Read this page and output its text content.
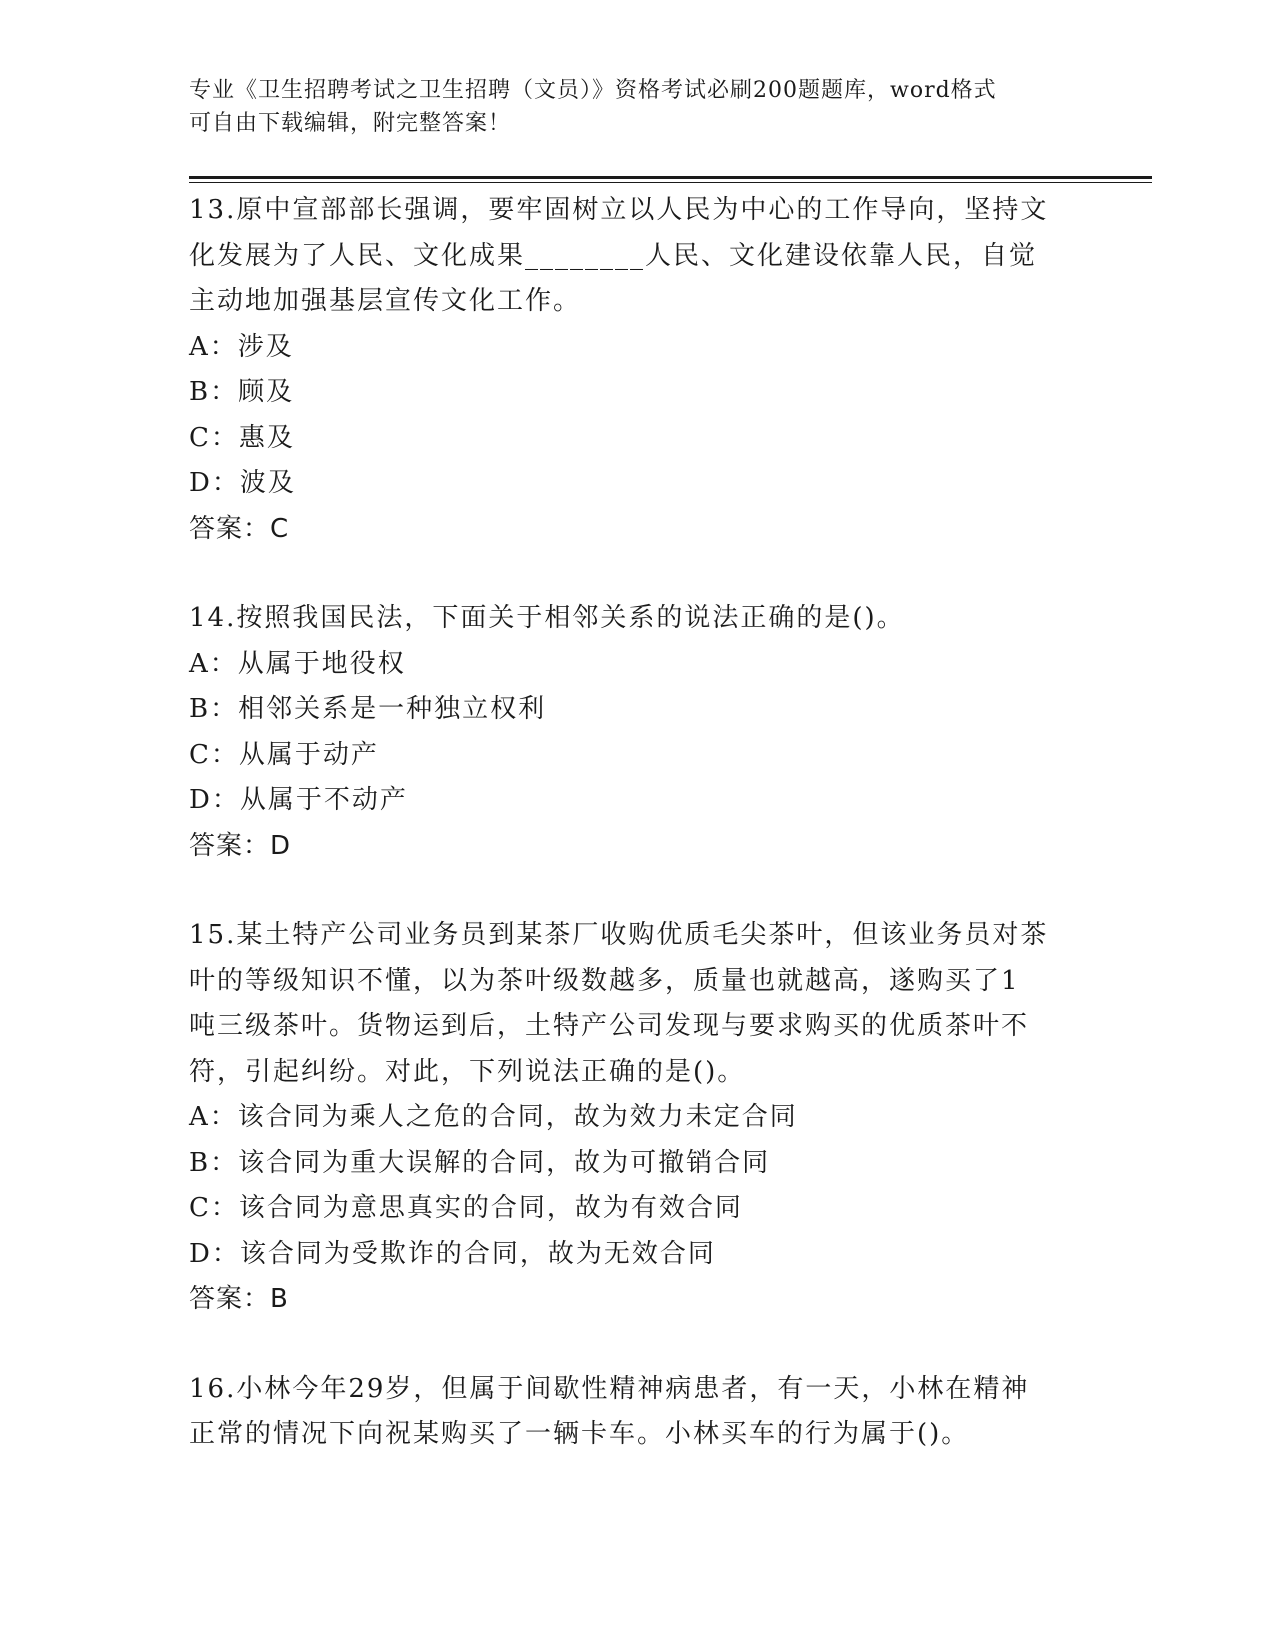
专业《卫生招聘考试之卫生招聘（文员）》资格考试必刷200题题库，word格式
可自由下载编辑，附完整答案！
13.原中宣部部长强调，要牢固树立以人民为中心的工作导向，坚持文
化发展为了人民、文化成果________人民、文化建设依靠人民，自觉
主动地加强基层宣传文化工作。
A：涉及
B：顾及
C：惠及
D：波及
答案：C
14.按照我国民法，下面关于相邻关系的说法正确的是()。
A：从属于地役权
B：相邻关系是一种独立权利
C：从属于动产
D：从属于不动产
答案：D
15.某土特产公司业务员到某茶厂收购优质毛尖茶叶，但该业务员对茶
叶的等级知识不懂，以为茶叶级数越多，质量也就越高，遂购买了1
吨三级茶叶。货物运到后，土特产公司发现与要求购买的优质茶叶不
符，引起纠纷。对此，下列说法正确的是()。
A：该合同为乘人之危的合同，故为效力未定合同
B：该合同为重大误解的合同，故为可撤销合同
C：该合同为意思真实的合同，故为有效合同
D：该合同为受欺诈的合同，故为无效合同
答案：B
16.小林今年29岁，但属于间歇性精神病患者，有一天，小林在精神
正常的情况下向祝某购买了一辆卡车。小林买车的行为属于()。
